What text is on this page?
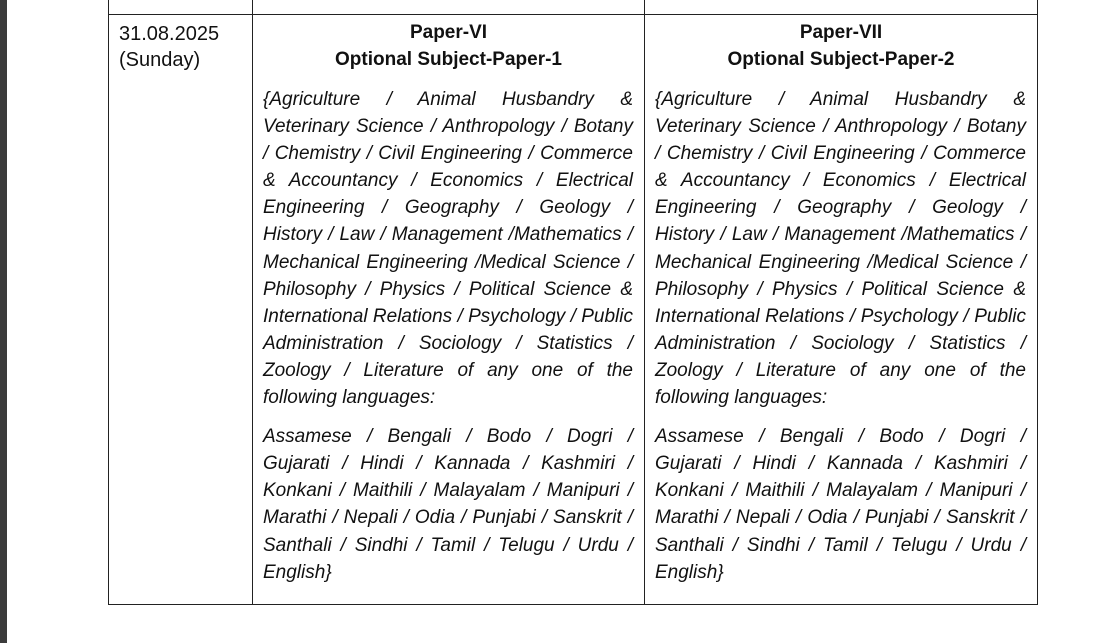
31.08.2025
(Sunday)
Paper-VI
Optional Subject-Paper-1
{Agriculture / Animal Husbandry & Veterinary Science / Anthropology / Botany / Chemistry / Civil Engineering / Commerce & Accountancy / Economics / Electrical Engineering / Geography / Geology / History / Law / Management /Mathematics / Mechanical Engineering /Medical Science / Philosophy / Physics / Political Science & International Relations / Psychology / Public Administration / Sociology / Statistics / Zoology / Literature of any one of the following languages:
Assamese / Bengali / Bodo / Dogri / Gujarati / Hindi / Kannada / Kashmiri / Konkani / Maithili / Malayalam / Manipuri / Marathi / Nepali / Odia / Punjabi / Sanskrit / Santhali / Sindhi / Tamil / Telugu / Urdu / English}
Paper-VII
Optional Subject-Paper-2
{Agriculture / Animal Husbandry & Veterinary Science / Anthropology / Botany / Chemistry / Civil Engineering / Commerce & Accountancy / Economics / Electrical Engineering / Geography / Geology / History / Law / Management /Mathematics / Mechanical Engineering /Medical Science / Philosophy / Physics / Political Science & International Relations / Psychology / Public Administration / Sociology / Statistics / Zoology / Literature of any one of the following languages:
Assamese / Bengali / Bodo / Dogri / Gujarati / Hindi / Kannada / Kashmiri / Konkani / Maithili / Malayalam / Manipuri / Marathi / Nepali / Odia / Punjabi / Sanskrit / Santhali / Sindhi / Tamil / Telugu / Urdu / English}
